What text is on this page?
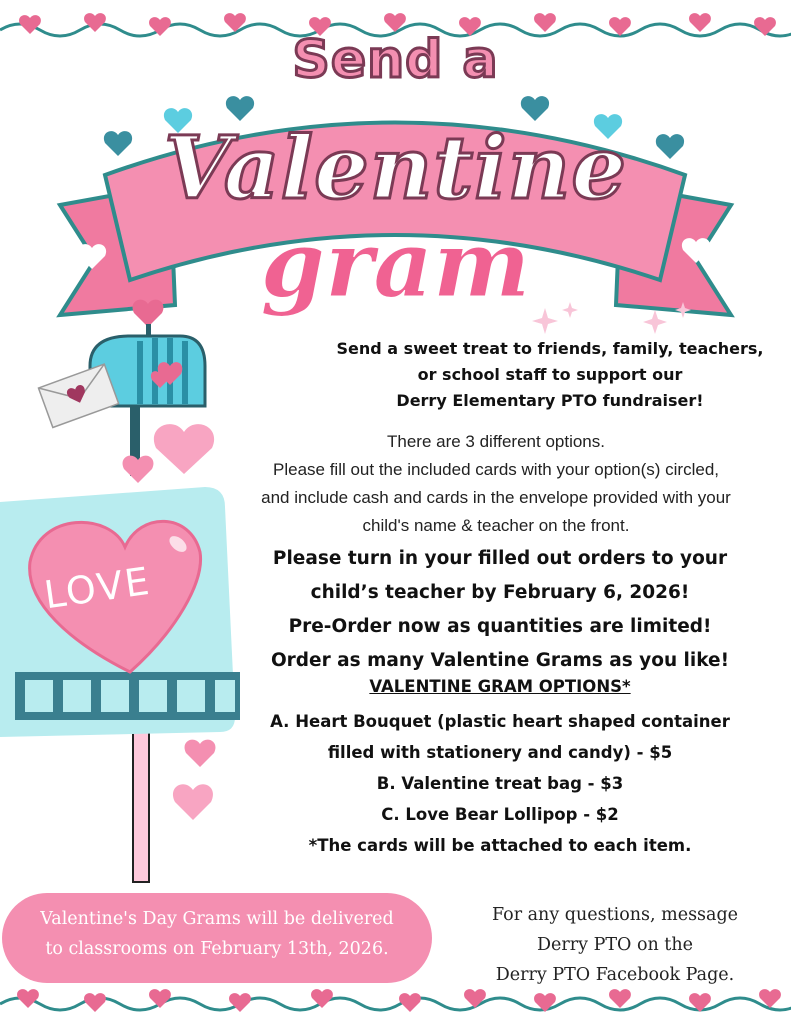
Send a
Valentine
gram
LOVE
Send a sweet treat to friends, family, teachers,
or school staff to support our
Derry Elementary PTO fundraiser!
There are 3 different options.
Please fill out the included cards with your option(s) circled,
and include cash and cards in the envelope provided with your
child's name & teacher on the front.
Please turn in your filled out orders to your
child’s teacher by February 6, 2026!
Pre-Order now as quantities are limited!
Order as many Valentine Grams as you like!
VALENTINE GRAM OPTIONS*
A. Heart Bouquet (plastic heart shaped container
filled with stationery and candy) - $5
B. Valentine treat bag - $3
C. Love Bear Lollipop - $2
*The cards will be attached to each item.
Valentine's Day Grams will be delivered
to classrooms on February 13th, 2026.
For any questions, message
Derry PTO on the
Derry PTO Facebook Page.
